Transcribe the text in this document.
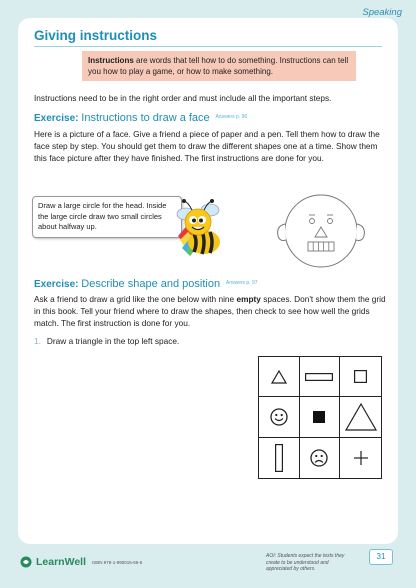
Speaking
Giving instructions
Instructions are words that tell how to do something. Instructions can tell you how to play a game, or how to make something.

Instructions need to be in the right order and must include all the important steps.

Exercise: Instructions to draw a face $^{Answers p. 96}$

Here is a picture of a face. Give a friend a piece of paper and a pen. Tell them how to draw the face step by step. You should get them to draw the different shapes one at a time. Show them this face picture after they have finished. The first instructions are done for you.

Draw a large circle for the head. Inside the large circle draw two small circles about halfway up.
Exercise: Describe shape and position $^{Answers p. 97}$

Ask a friend to draw a grid like the one below with nine empty spaces. Don't show them the grid in this book. Tell your friend where to draw the shapes, then check to see how well the grids match. The first instruction is done for you.

1. Draw a triangle in the top left space.
LearnWell ISBN 978-1-990015-65-6
AOI: Students expect the texts they create to be understood and appreciated by others.
31
